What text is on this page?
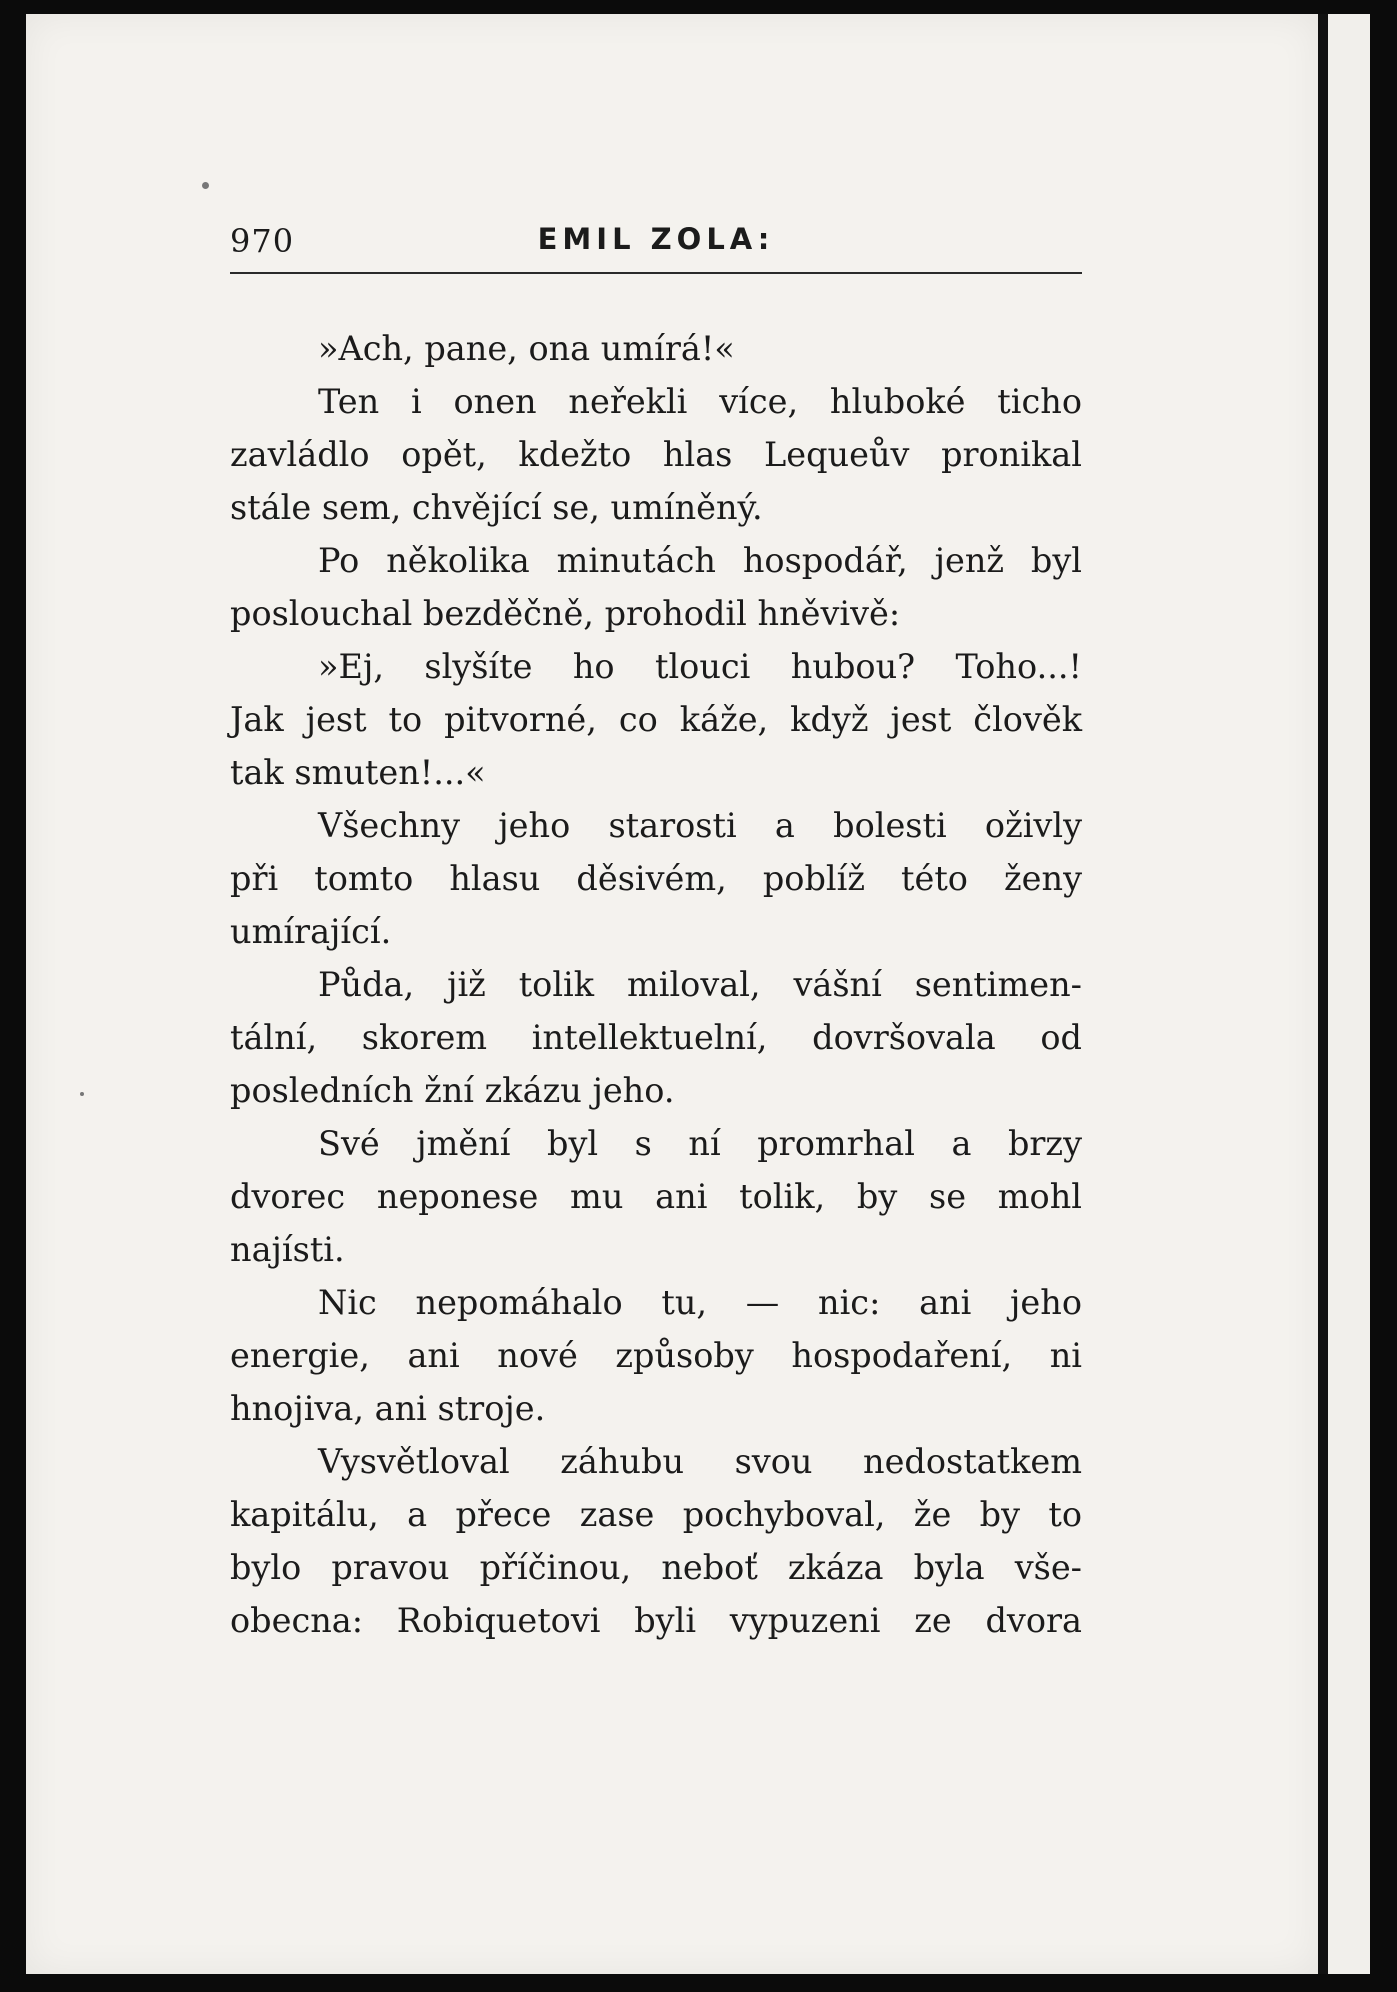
970	EMIL ZOLA:
»Ach, pane, ona umírá!«
Ten i onen neřekli více, hluboké ticho
zavládlo opět, kdežto hlas Lequeův pronikal
stále sem, chvějící se, umíněný.
Po několika minutách hospodář, jenž byl
poslouchal bezděčně, prohodil hněvivě:
»Ej, slyšíte ho tlouci hubou? Toho...!
Jak jest to pitvorné, co káže, když jest člověk
tak smuten!...«
Všechny jeho starosti a bolesti oživly
při tomto hlasu děsivém, poblíž této ženy
umírající.
Půda, již tolik miloval, vášní sentimen-
tální, skorem intellektuelní, dovršovala od
posledních žní zkázu jeho.
Své jmění byl s ní promrhal a brzy
dvorec neponese mu ani tolik, by se mohl
najísti.
Nic nepomáhalo tu, — nic: ani jeho
energie, ani nové způsoby hospodaření, ni
hnojiva, ani stroje.
Vysvětloval záhubu svou nedostatkem
kapitálu, a přece zase pochyboval, že by to
bylo pravou příčinou, neboť zkáza byla vše-
obecna: Robiquetovi byli vypuzeni ze dvora
